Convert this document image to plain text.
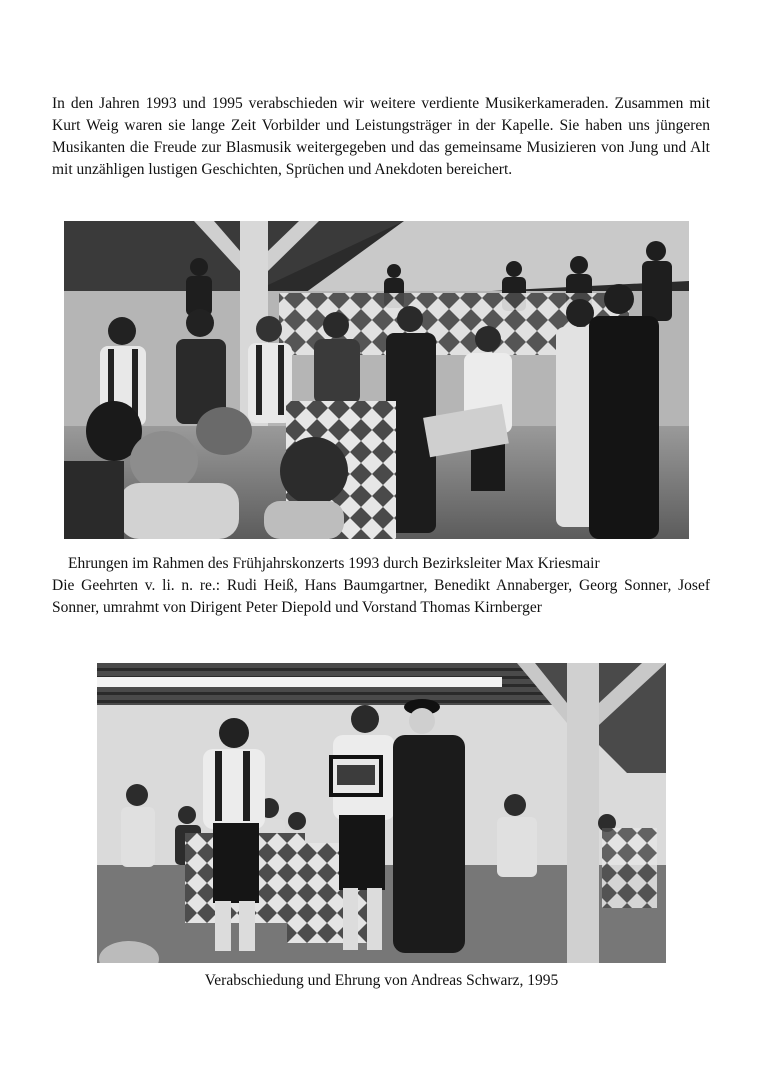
In den Jahren 1993 und 1995 verabschieden wir weitere verdiente Musikerkameraden. Zusammen mit Kurt Weig waren sie lange Zeit Vorbilder und Leistungsträger in der Kapelle. Sie haben uns jüngeren Musikanten die Freude zur Blasmusik weitergegeben und das gemeinsame Musizieren von Jung und Alt mit unzähligen lustigen Geschichten, Sprüchen und Anekdoten bereichert.

Ehrungen im Rahmen des Frühjahrskonzerts 1993 durch Bezirksleiter Max Kriesmair
Die Geehrten v. li. n. re.: Rudi Heiß, Hans Baumgartner, Benedikt Annaberger, Georg Sonner, Josef Sonner, umrahmt von Dirigent Peter Diepold und Vorstand Thomas Kirnberger

Verabschiedung und Ehrung von Andreas Schwarz, 1995
